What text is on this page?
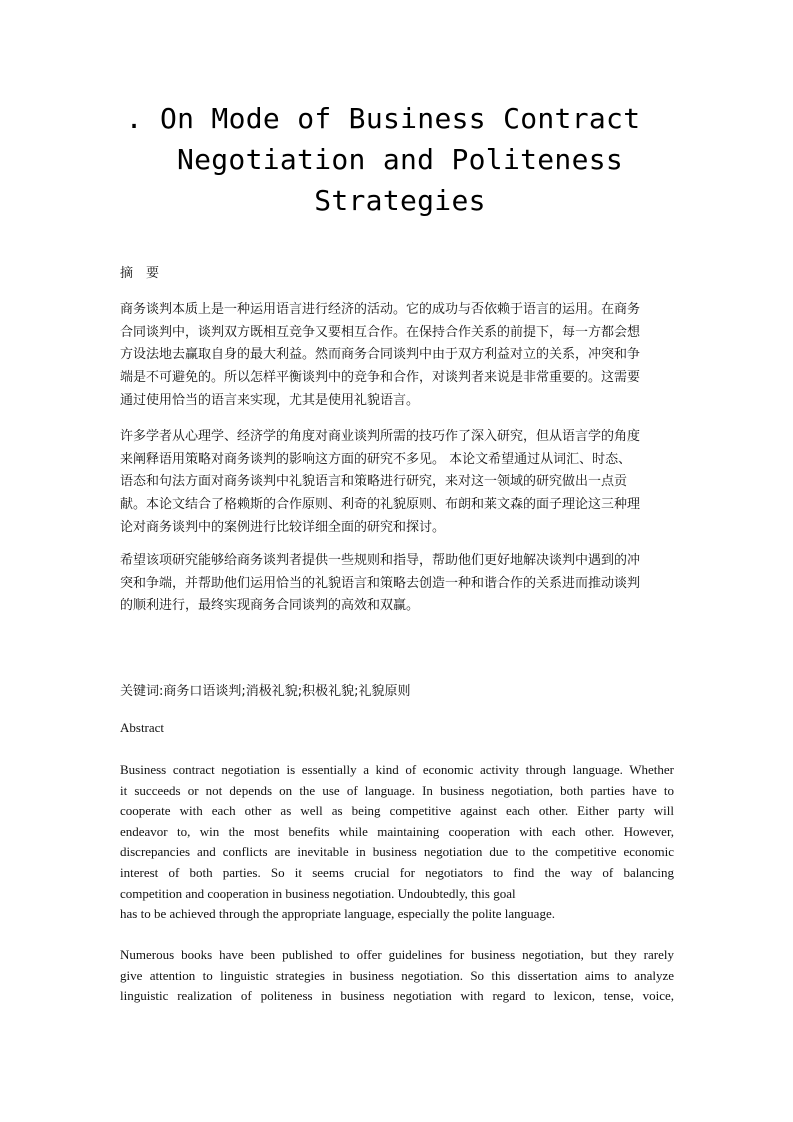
. On Mode of Business Contract
Negotiation and Politeness
Strategies
摘　要
商务谈判本质上是一种运用语言进行经济的活动。它的成功与否依赖于语言的运用。在商务
合同谈判中，谈判双方既相互竞争又要相互合作。在保持合作关系的前提下，每一方都会想
方设法地去赢取自身的最大利益。然而商务合同谈判中由于双方利益对立的关系，冲突和争
端是不可避免的。所以怎样平衡谈判中的竞争和合作，对谈判者来说是非常重要的。这需要
通过使用恰当的语言来实现，尤其是使用礼貌语言。
许多学者从心理学、经济学的角度对商业谈判所需的技巧作了深入研究，但从语言学的角度
来阐释语用策略对商务谈判的影响这方面的研究不多见。 本论文希望通过从词汇、时态、
语态和句法方面对商务谈判中礼貌语言和策略进行研究，来对这一领域的研究做出一点贡
献。本论文结合了格赖斯的合作原则、利奇的礼貌原则、布朗和莱文森的面子理论这三种理
论对商务谈判中的案例进行比较详细全面的研究和探讨。
希望该项研究能够给商务谈判者提供一些规则和指导，帮助他们更好地解决谈判中遇到的冲
突和争端，并帮助他们运用恰当的礼貌语言和策略去创造一种和谐合作的关系进而推动谈判
的顺利进行，最终实现商务合同谈判的高效和双赢。
关键词:商务口语谈判;消极礼貌;积极礼貌;礼貌原则
Abstract
Business contract negotiation is essentially a kind of economic activity through language. Whether
it succeeds or not depends on the use of language. In business negotiation, both parties have to
cooperate with each other as well as being competitive against each other. Either party will
endeavor to, win the most benefits while maintaining cooperation with each other. However,
discrepancies and conflicts are inevitable in business negotiation due to the competitive economic
interest of both parties. So it seems crucial for negotiators to find the way of balancing
competition and cooperation in business negotiation. Undoubtedly, this goal
has to be achieved through the appropriate language, especially the polite language.
Numerous books have been published to offer guidelines for business negotiation, but they rarely
give attention to linguistic strategies in business negotiation. So this dissertation aims to analyze
linguistic realization of politeness in business negotiation with regard to lexicon, tense, voice,
